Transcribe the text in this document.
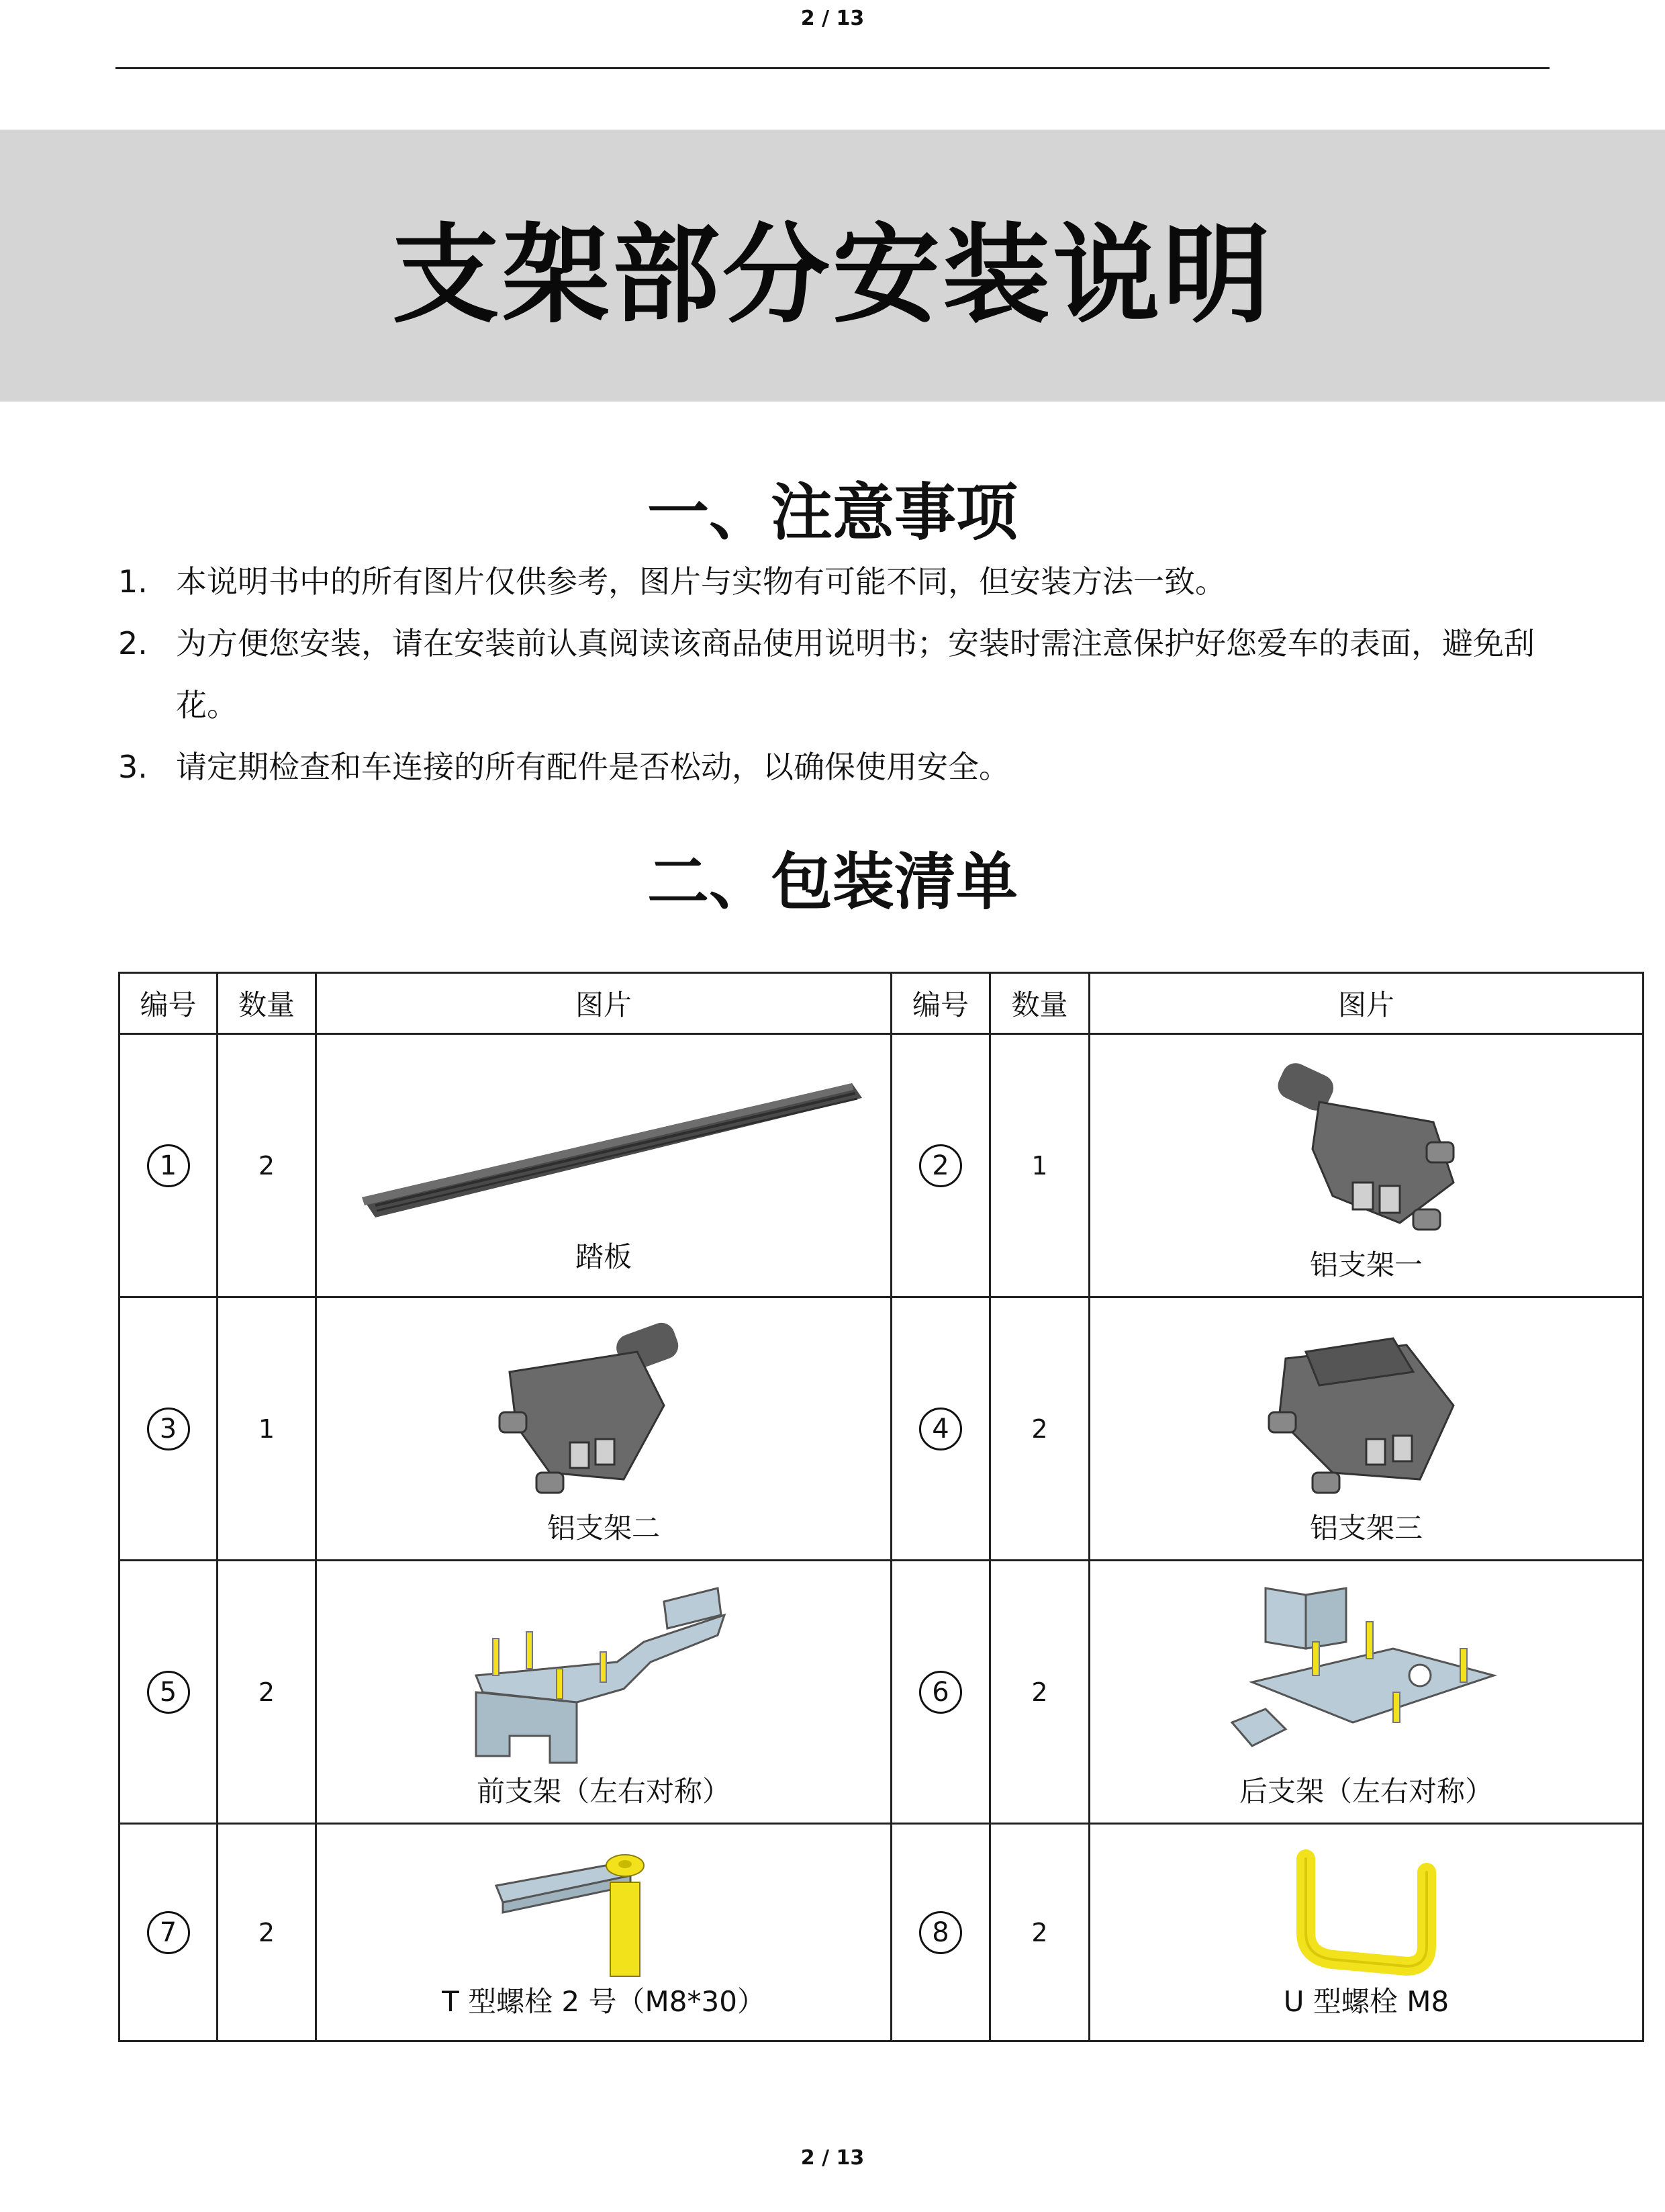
2 / 13
支架部分安装说明
一、注意事项
1. 本说明书中的所有图片仅供参考，图片与实物有可能不同，但安装方法一致。
2. 为方便您安装，请在安装前认真阅读该商品使用说明书；安装时需注意保护好您爱车的表面，避免刮花。
3. 请定期检查和车连接的所有配件是否松动，以确保使用安全。
二、包装清单
编号	数量	图片	编号	数量	图片
1	2	踏板	2	1	铝支架一

3	1	铝支架二	4	2	铝支架三

5	2	前支架（左右对称）	6	2	后支架（左右对称）

7	2	T 型螺栓 2 号（M8*30）	8	2	U 型螺栓 M8
2 / 13
